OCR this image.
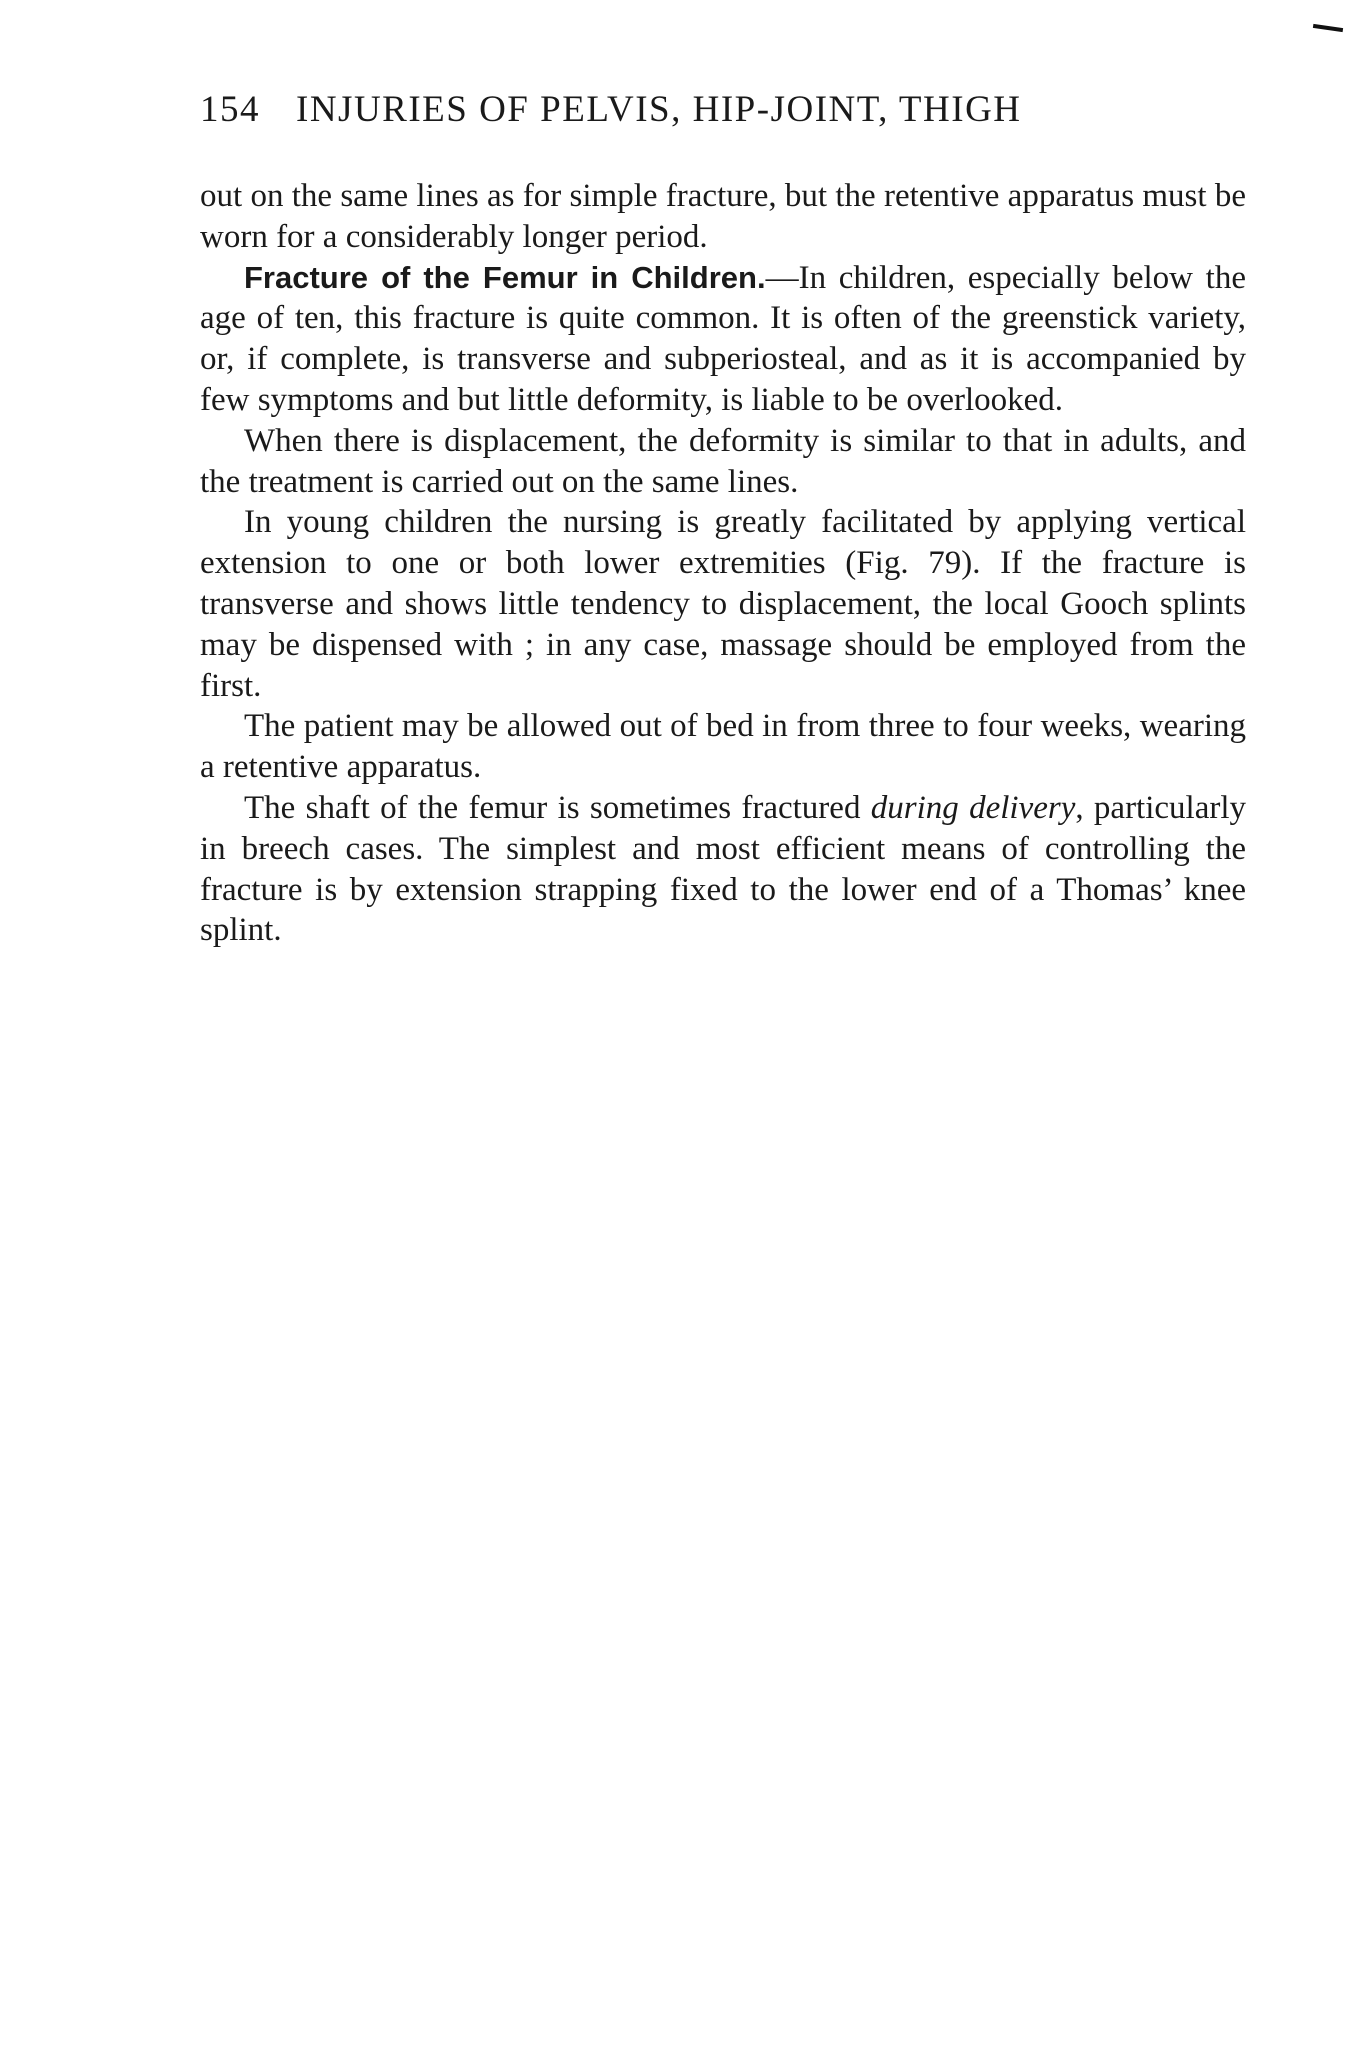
154 INJURIES OF PELVIS, HIP-JOINT, THIGH

out on the same lines as for simple fracture, but the retentive apparatus must be worn for a considerably longer period.

Fracture of the Femur in Children.—In children, especially below the age of ten, this fracture is quite common. It is often of the greenstick variety, or, if complete, is transverse and subperiosteal, and as it is accompanied by few symptoms and but little deformity, is liable to be overlooked.

When there is displacement, the deformity is similar to that in adults, and the treatment is carried out on the same lines.

In young children the nursing is greatly facilitated by applying vertical extension to one or both lower extremities (Fig. 79). If the fracture is transverse and shows little tendency to displacement, the local Gooch splints may be dispensed with ; in any case, massage should be employed from the first.

The patient may be allowed out of bed in from three to four weeks, wearing a retentive apparatus.

The shaft of the femur is sometimes fractured during delivery, particularly in breech cases. The simplest and most efficient means of controlling the fracture is by extension strapping fixed to the lower end of a Thomas’ knee splint.
